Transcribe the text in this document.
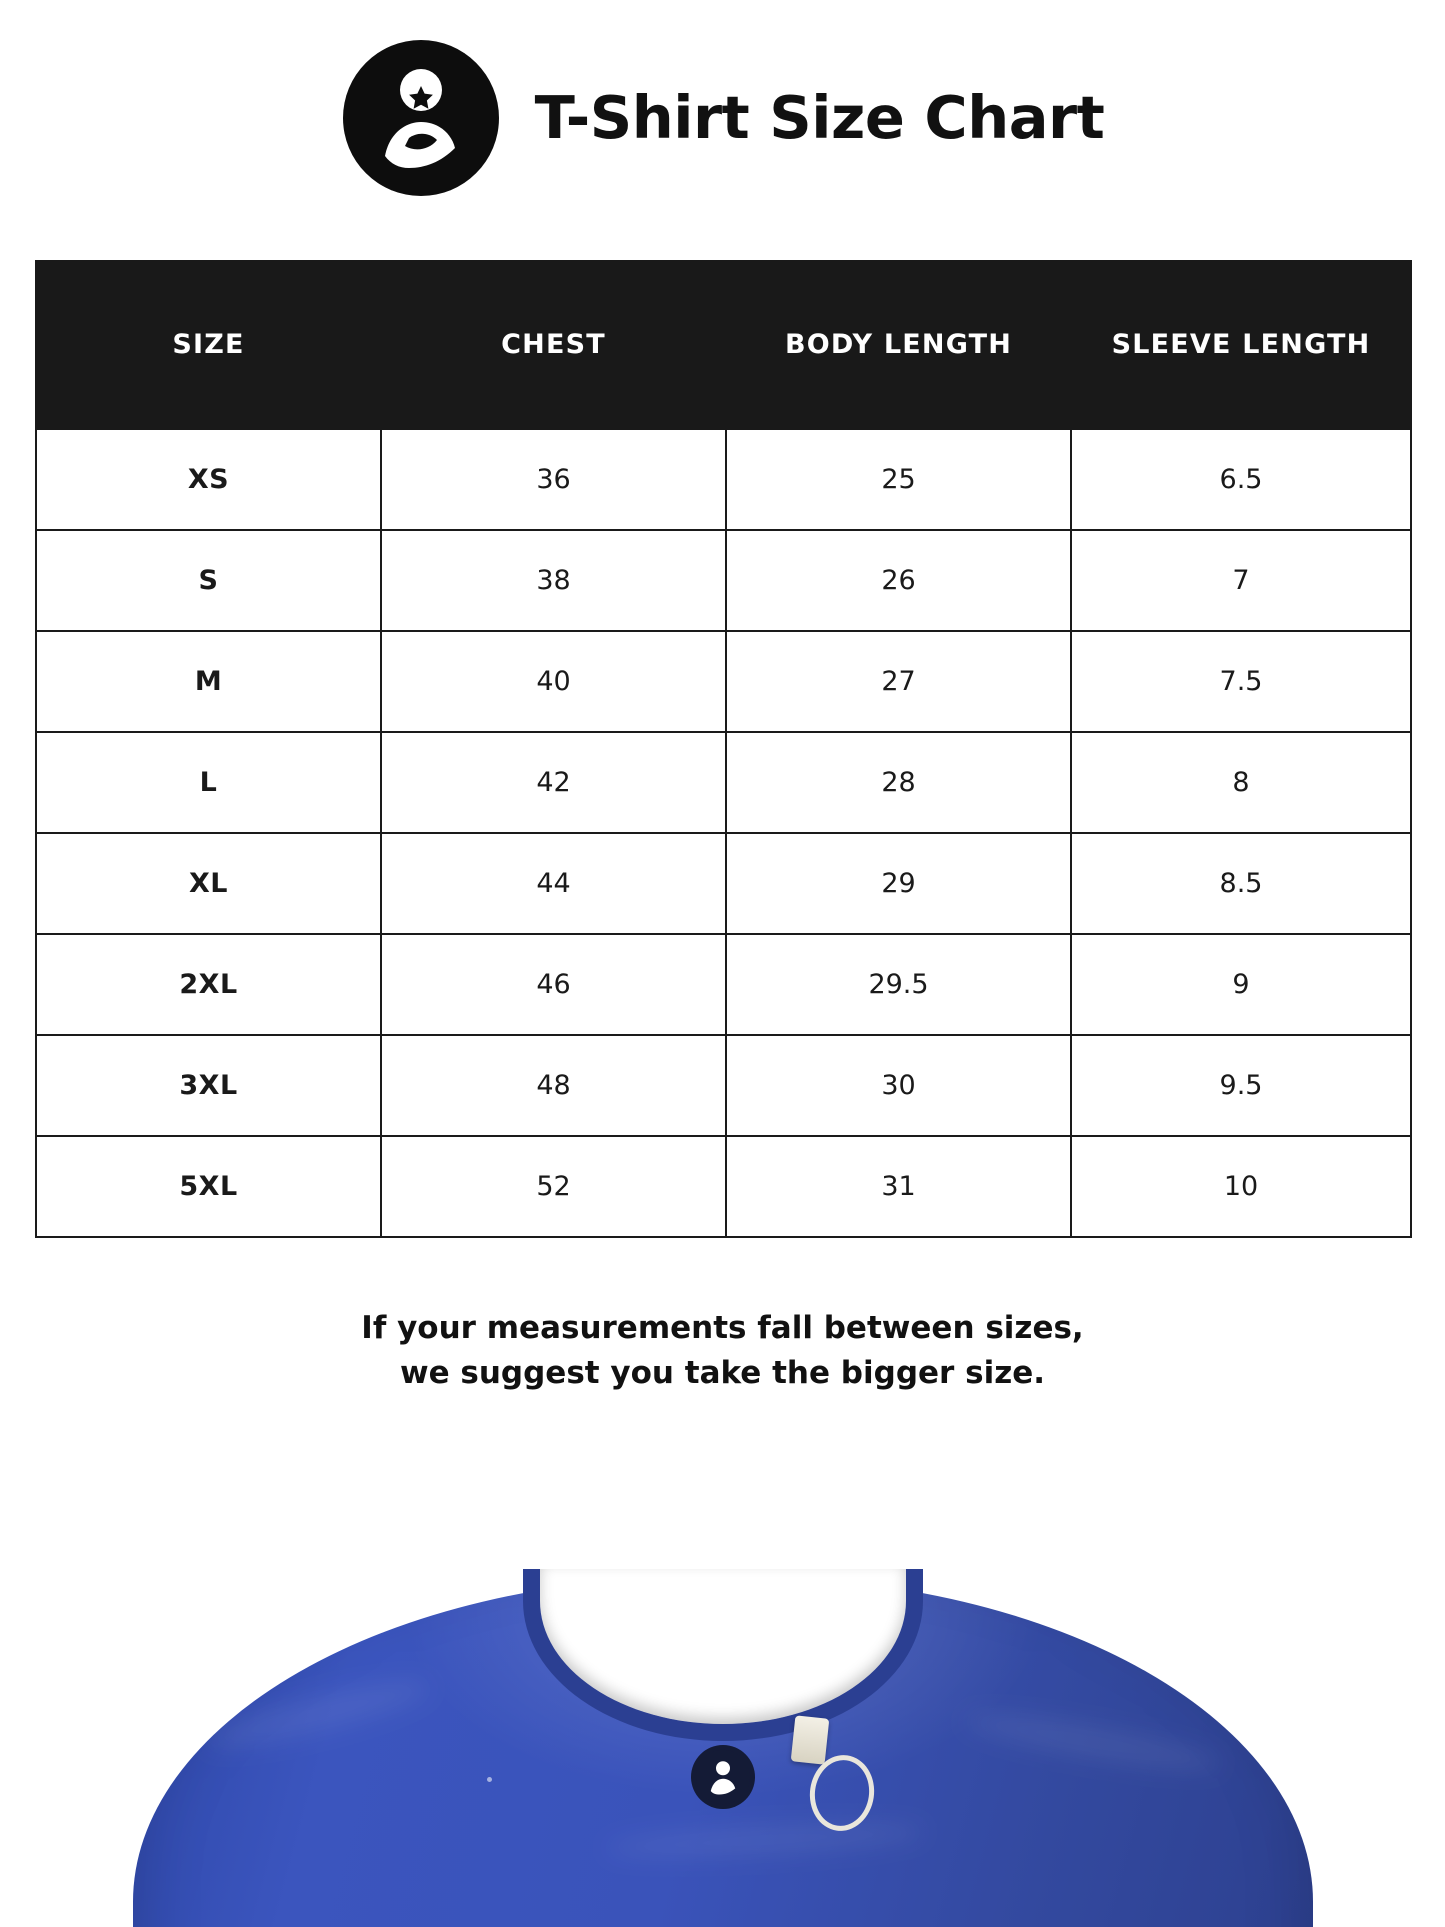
T-Shirt Size Chart
SIZE	CHEST	BODY LENGTH	SLEEVE LENGTH
XS	36	25	6.5
S	38	26	7
M	40	27	7.5
L	42	28	8
XL	44	29	8.5
2XL	46	29.5	9
3XL	48	30	9.5
5XL	52	31	10
If your measurements fall between sizes,
we suggest you take the bigger size.
